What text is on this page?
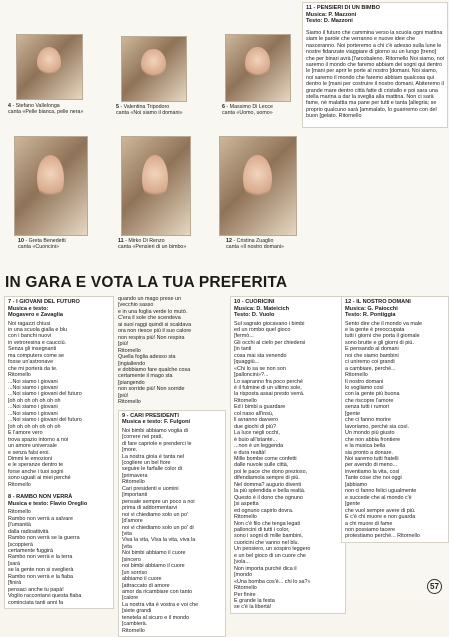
4 - Stefano Vallelonga
canta «Pelle bianca, pelle nera»
5 - Valentina Tripodoro
canta «Noi siamo il domani»
6 - Massimo Di Lecce
canta «Uomo, uomo»
10 - Greta Benedetti
canta «Cuoncini»
11 - Mirko Di Renzo
canta «Pensieri di un bimbo»
12 - Cristina Zuaglio
canta «Il nostro domani»
11 - PENSIERI DI UN BIMBO
Musica: P. Mazzoni
Testo: D. Mazzoni

Siamo il futuro che cammina verso la scuola ogni mattina siam le parole che verranno e nuove idee che nasceranno. Noi porteremo a chi c'è adesso sulla lune le nostre fidanzate viaggiare di giorno su un lungo [treno] che per binari avrà [l'arcobaleno. Ritornello Noi siamo, noi saremo il mondo che faremo abbiam dei sogni qui dentro le [mani per aprir le porte al nostro [domani. Noi siamo, noi saremo il mondo che faremo abbiam qualcosa qui dentro le [mani per costruire il nostro domani. Abiteremo il grande mare dentro città fatte di cristallo e poi sara una stella marina a dar la sveglia alla mattina. Non ci sarà fame, né malattia ma pane per tutti e tanta [allegria; se proprio qualcuno sarà [ammalato, lo guariremo con del buon [gelato. Ritornello

IN GARA E VOTA LA TUA PREFERITA
7 - I GIOVANI DEL FUTURO
Musica e testo:
Mogavero e Zavaglia

Noi ragazzi chiusi
in una scuola gialla e blu
con i banchi nuovi
in vetroresina e caucciù.
Senza gli insegnanti
ma computers come se
fosse un'astronave
che mi porterà da te.
Ritornello
...Noi siamo i giovani
...Noi siamo i giovani
...Noi siamo i giovani del futuro
[oh oh oh oh oh oh oh
...Noi siamo i giovani
...Noi siamo i giovani
...Noi siamo i giovani del futuro
[oh oh oh oh oh oh oh
E l'amore vero
trova spazio intorno a noi
un amore universale
e senza falsi eroi.
Dimmi le emozioni
e le speranze dentro te
forse anche i tuoi sogni
sono uguali ai miei perché
Ritornello

8 - RAMBO NON VERRÀ
Musica e testo: Flavio Oreglio

Ritornello
Rambo non verrà a salvare
[l'umanità
dalla radioattività
Rambo non verrà se la guerra
[scoppierà
certamente fuggirà
Rambo non verrà e la terra
[sarà
se la gente non si sveglierà
Rambo non verrà e la fiaba
[finirà
pensaci anche tu papà!
Voglio raccontarvi questa fiaba
cominciata tanti anni fa

quando un mago prese un
[vecchio sasso
e in una foglia verde lo mutò.
C'era il sole che scendeva
ai suoi raggi quindi si scaldava
ora non riesce più il suo calore
non respira più! Non respira
[più!
Ritornello
Quella foglia adesso sta
[ingiallendo
e dobbiamo fare qualche cosa
certamente il mago sta
[piangendo
non sorride più! Non sorride
[più!
Ritornello

9 - CARI PRESIDENTI
Musica e testo: F. Fulgoni

Noi bimbi abbiamo voglia di
[correre nei prati,
di fare capriole e prenderci le
[more.
La nostra gioia è tanta nel
[cogliere un bel fiore
seguire le farfalle color di
[primavera
Ritornello
Cari presidenti e uomini
[importanti
pensate sempre un poco a noi
prima di addormentarvi
noi vi chiediamo solo un po'
[d'amore
noi vi chiediamo solo un po' di
[vita
Viva la vita, Viva la vita, viva la
[vita
Noi bimbi abbiamo il cuore
[sincero
noi bimbi abbiamo il cuore
[un sorriso
abbiamo il cuore
[attraccato di amore
amor da ricambiare con tanto
[calore
La nostra vita è vostra e voi che
[siete grandi
tenetela al sicuro e il mondo
[cambierà.
Ritornello

10 - CUORICINI
Musica: D. Mateicich
Testo: D. Vuolo

Sul sagrato giocavano i bimbi
ed un rombo quel gioco
[fermò...
Gli occhi al cielo per chiedersi
[in tanti
cosa mai sta venendo
[quaggiù...
«Chi lo sa se non son
[palloncini»?...
Lo sapranno fra poco perché
è il fulmine di un ultimo sole,
la risposta assai presto verrà.
Ritornello
Ed i bimbi a guardare
col naso all'insù,
li avranno davvero
due giochi di più?
La luce negli occhi,
è buio all'istante...
...non è un leggenda
e dura realtà!
Mille bombe come confetti
dalle nuvole sulle città,
poi le pace che dono prezioso,
difendiamola sempre di più.
Nel domma? augurio diventi
la più splendida e bella realtà.
Questo è il dono che ognuno
[si aspetta
ed ognuno capirlo dovra.
Ritornello
Non c'è filo che tenga legati
palloncini di tutti i color,
sono i sogni di mille bambini,
cuoricini che vanno nel blu.
Un pensiero, un sospiro leggero
e un bel gioco di un cuore che
[vola...
Non importa purché dica il
[mondo
«Una bomba cos'è... chi lo sa?»
Ritornello
Per finire
E grande la festa
se c'è la libertà!

12 - IL NOSTRO DOMANI
Musica: G. Paiocchi
Testo: R. Pontiggia

Sento dire che il mondo va male
e la gente è preoccupata
tutti i giorni che porta il giornale
sono brutte e gli giorni di più.
E pensando al domani
noi che siamo bambini
ci uniremo coi grandi
a cambiare, perché...
Ritornello
Il nostro domani
lo vogliamo così
con la gente più buona
che riscopre l'amore
senza tutti i rumori
[gente
che ci fanno morire
lavoriamo, perché sia così.
Un mondo più giusto
che non abbia frontiere
e la musica bella
sia pronto a donare.
Noi saremo tutti fratelli
per avendo di meno...
inventiamo la vita, così
Tante cose che noi oggi
[abbiamo
non ci fanno felici ugualmente
e succede che al mondo c'è
[gente
che vuol sempre avere di più.
E c'è chi muore e non guarda
a chi muore di fame
non possiamo tacere
protestiamo perché... Ritornello

57
